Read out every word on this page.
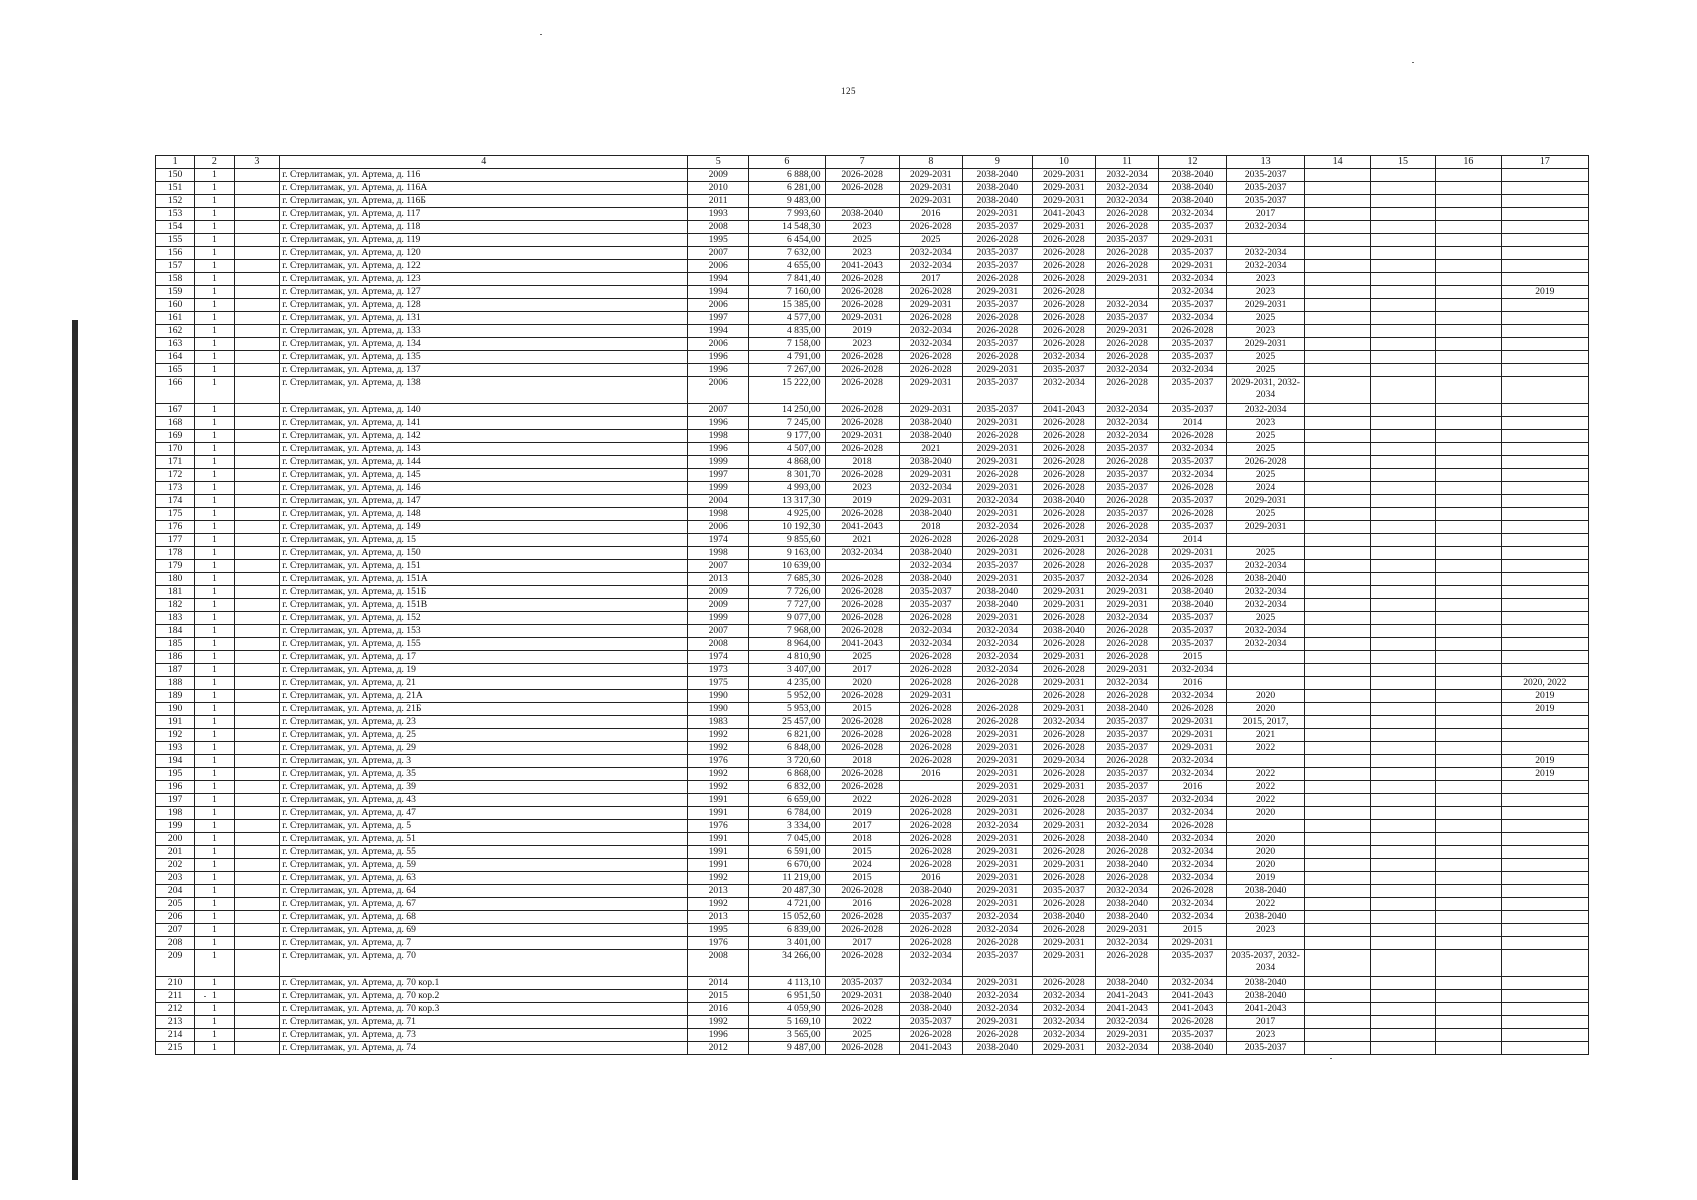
125
1	2	3	4	5	6	7	8	9	10	11	12	13	14	15	16	17
150	1		г. Стерлитамак, ул. Артема, д. 116	2009	6 888,00	2026-2028	2029-2031	2038-2040	2029-2031	2032-2034	2038-2040	2035-2037				
151	1		г. Стерлитамак, ул. Артема, д. 116А	2010	6 281,00	2026-2028	2029-2031	2038-2040	2029-2031	2032-2034	2038-2040	2035-2037				
152	1		г. Стерлитамак, ул. Артема, д. 116Б	2011	9 483,00		2029-2031	2038-2040	2029-2031	2032-2034	2038-2040	2035-2037				
153	1		г. Стерлитамак, ул. Артема, д. 117	1993	7 993,60	2038-2040	2016	2029-2031	2041-2043	2026-2028	2032-2034	2017				
154	1		г. Стерлитамак, ул. Артема, д. 118	2008	14 548,30	2023	2026-2028	2035-2037	2029-2031	2026-2028	2035-2037	2032-2034				
155	1		г. Стерлитамак, ул. Артема, д. 119	1995	6 454,00	2025	2025	2026-2028	2026-2028	2035-2037	2029-2031					
156	1		г. Стерлитамак, ул. Артема, д. 120	2007	7 632,00	2023	2032-2034	2035-2037	2026-2028	2026-2028	2035-2037	2032-2034				
157	1		г. Стерлитамак, ул. Артема, д. 122	2006	4 655,00	2041-2043	2032-2034	2035-2037	2026-2028	2026-2028	2029-2031	2032-2034				
158	1		г. Стерлитамак, ул. Артема, д. 123	1994	7 841,40	2026-2028	2017	2026-2028	2026-2028	2029-2031	2032-2034	2023				
159	1		г. Стерлитамак, ул. Артема, д. 127	1994	7 160,00	2026-2028	2026-2028	2029-2031	2026-2028		2032-2034	2023				2019
160	1		г. Стерлитамак, ул. Артема, д. 128	2006	15 385,00	2026-2028	2029-2031	2035-2037	2026-2028	2032-2034	2035-2037	2029-2031				
161	1		г. Стерлитамак, ул. Артема, д. 131	1997	4 577,00	2029-2031	2026-2028	2026-2028	2026-2028	2035-2037	2032-2034	2025				
162	1		г. Стерлитамак, ул. Артема, д. 133	1994	4 835,00	2019	2032-2034	2026-2028	2026-2028	2029-2031	2026-2028	2023				
163	1		г. Стерлитамак, ул. Артема, д. 134	2006	7 158,00	2023	2032-2034	2035-2037	2026-2028	2026-2028	2035-2037	2029-2031				
164	1		г. Стерлитамак, ул. Артема, д. 135	1996	4 791,00	2026-2028	2026-2028	2026-2028	2032-2034	2026-2028	2035-2037	2025				
165	1		г. Стерлитамак, ул. Артема, д. 137	1996	7 267,00	2026-2028	2026-2028	2029-2031	2035-2037	2032-2034	2032-2034	2025				
166	1		г. Стерлитамак, ул. Артема, д. 138	2006	15 222,00	2026-2028	2029-2031	2035-2037	2032-2034	2026-2028	2035-2037	2029-2031, 2032-2034				
167	1		г. Стерлитамак, ул. Артема, д. 140	2007	14 250,00	2026-2028	2029-2031	2035-2037	2041-2043	2032-2034	2035-2037	2032-2034				
168	1		г. Стерлитамак, ул. Артема, д. 141	1996	7 245,00	2026-2028	2038-2040	2029-2031	2026-2028	2032-2034	2014	2023				
169	1		г. Стерлитамак, ул. Артема, д. 142	1998	9 177,00	2029-2031	2038-2040	2026-2028	2026-2028	2032-2034	2026-2028	2025				
170	1		г. Стерлитамак, ул. Артема, д. 143	1996	4 507,00	2026-2028	2021	2029-2031	2026-2028	2035-2037	2032-2034	2025				
171	1		г. Стерлитамак, ул. Артема, д. 144	1999	4 868,00	2018	2038-2040	2029-2031	2026-2028	2026-2028	2035-2037	2026-2028				
172	1		г. Стерлитамак, ул. Артема, д. 145	1997	8 301,70	2026-2028	2029-2031	2026-2028	2026-2028	2035-2037	2032-2034	2025				
173	1		г. Стерлитамак, ул. Артема, д. 146	1999	4 993,00	2023	2032-2034	2029-2031	2026-2028	2035-2037	2026-2028	2024				
174	1		г. Стерлитамак, ул. Артема, д. 147	2004	13 317,30	2019	2029-2031	2032-2034	2038-2040	2026-2028	2035-2037	2029-2031				
175	1		г. Стерлитамак, ул. Артема, д. 148	1998	4 925,00	2026-2028	2038-2040	2029-2031	2026-2028	2035-2037	2026-2028	2025				
176	1		г. Стерлитамак, ул. Артема, д. 149	2006	10 192,30	2041-2043	2018	2032-2034	2026-2028	2026-2028	2035-2037	2029-2031				
177	1		г. Стерлитамак, ул. Артема, д. 15	1974	9 855,60	2021	2026-2028	2026-2028	2029-2031	2032-2034	2014					
178	1		г. Стерлитамак, ул. Артема, д. 150	1998	9 163,00	2032-2034	2038-2040	2029-2031	2026-2028	2026-2028	2029-2031	2025				
179	1		г. Стерлитамак, ул. Артема, д. 151	2007	10 639,00		2032-2034	2035-2037	2026-2028	2026-2028	2035-2037	2032-2034				
180	1		г. Стерлитамак, ул. Артема, д. 151А	2013	7 685,30	2026-2028	2038-2040	2029-2031	2035-2037	2032-2034	2026-2028	2038-2040				
181	1		г. Стерлитамак, ул. Артема, д. 151Б	2009	7 726,00	2026-2028	2035-2037	2038-2040	2029-2031	2029-2031	2038-2040	2032-2034				
182	1		г. Стерлитамак, ул. Артема, д. 151В	2009	7 727,00	2026-2028	2035-2037	2038-2040	2029-2031	2029-2031	2038-2040	2032-2034				
183	1		г. Стерлитамак, ул. Артема, д. 152	1999	9 077,00	2026-2028	2026-2028	2029-2031	2026-2028	2032-2034	2035-2037	2025				
184	1		г. Стерлитамак, ул. Артема, д. 153	2007	7 968,00	2026-2028	2032-2034	2032-2034	2038-2040	2026-2028	2035-2037	2032-2034				
185	1		г. Стерлитамак, ул. Артема, д. 155	2008	8 964,00	2041-2043	2032-2034	2032-2034	2026-2028	2026-2028	2035-2037	2032-2034				
186	1		г. Стерлитамак, ул. Артема, д. 17	1974	4 810,90	2025	2026-2028	2032-2034	2029-2031	2026-2028	2015					
187	1		г. Стерлитамак, ул. Артема, д. 19	1973	3 407,00	2017	2026-2028	2032-2034	2026-2028	2029-2031	2032-2034					
188	1		г. Стерлитамак, ул. Артема, д. 21	1975	4 235,00	2020	2026-2028	2026-2028	2029-2031	2032-2034	2016					2020, 2022
189	1		г. Стерлитамак, ул. Артема, д. 21А	1990	5 952,00	2026-2028	2029-2031		2026-2028	2026-2028	2032-2034	2020				2019
190	1		г. Стерлитамак, ул. Артема, д. 21Б	1990	5 953,00	2015	2026-2028	2026-2028	2029-2031	2038-2040	2026-2028	2020				2019
191	1		г. Стерлитамак, ул. Артема, д. 23	1983	25 457,00	2026-2028	2026-2028	2026-2028	2032-2034	2035-2037	2029-2031	2015, 2017,				
192	1		г. Стерлитамак, ул. Артема, д. 25	1992	6 821,00	2026-2028	2026-2028	2029-2031	2026-2028	2035-2037	2029-2031	2021				
193	1		г. Стерлитамак, ул. Артема, д. 29	1992	6 848,00	2026-2028	2026-2028	2029-2031	2026-2028	2035-2037	2029-2031	2022				
194	1		г. Стерлитамак, ул. Артема, д. 3	1976	3 720,60	2018	2026-2028	2029-2031	2029-2034	2026-2028	2032-2034					2019
195	1		г. Стерлитамак, ул. Артема, д. 35	1992	6 868,00	2026-2028	2016	2029-2031	2026-2028	2035-2037	2032-2034	2022				2019
196	1		г. Стерлитамак, ул. Артема, д. 39	1992	6 832,00	2026-2028		2029-2031	2029-2031	2035-2037	2016	2022				
197	1		г. Стерлитамак, ул. Артема, д. 43	1991	6 659,00	2022	2026-2028	2029-2031	2026-2028	2035-2037	2032-2034	2022				
198	1		г. Стерлитамак, ул. Артема, д. 47	1991	6 784,00	2019	2026-2028	2029-2031	2026-2028	2035-2037	2032-2034	2020				
199	1		г. Стерлитамак, ул. Артема, д. 5	1976	3 334,00	2017	2026-2028	2032-2034	2029-2031	2032-2034	2026-2028					
200	1		г. Стерлитамак, ул. Артема, д. 51	1991	7 045,00	2018	2026-2028	2029-2031	2026-2028	2038-2040	2032-2034	2020				
201	1		г. Стерлитамак, ул. Артема, д. 55	1991	6 591,00	2015	2026-2028	2029-2031	2026-2028	2026-2028	2032-2034	2020				
202	1		г. Стерлитамак, ул. Артема, д. 59	1991	6 670,00	2024	2026-2028	2029-2031	2029-2031	2038-2040	2032-2034	2020				
203	1		г. Стерлитамак, ул. Артема, д. 63	1992	11 219,00	2015	2016	2029-2031	2026-2028	2026-2028	2032-2034	2019				
204	1		г. Стерлитамак, ул. Артема, д. 64	2013	20 487,30	2026-2028	2038-2040	2029-2031	2035-2037	2032-2034	2026-2028	2038-2040				
205	1		г. Стерлитамак, ул. Артема, д. 67	1992	4 721,00	2016	2026-2028	2029-2031	2026-2028	2038-2040	2032-2034	2022				
206	1		г. Стерлитамак, ул. Артема, д. 68	2013	15 052,60	2026-2028	2035-2037	2032-2034	2038-2040	2038-2040	2032-2034	2038-2040				
207	1		г. Стерлитамак, ул. Артема, д. 69	1995	6 839,00	2026-2028	2026-2028	2032-2034	2026-2028	2029-2031	2015	2023				
208	1		г. Стерлитамак, ул. Артема, д. 7	1976	3 401,00	2017	2026-2028	2026-2028	2029-2031	2032-2034	2029-2031					
209	1		г. Стерлитамак, ул. Артема, д. 70	2008	34 266,00	2026-2028	2032-2034	2035-2037	2029-2031	2026-2028	2035-2037	2035-2037, 2032-2034				
210	1		г. Стерлитамак, ул. Артема, д. 70 кор.1	2014	4 113,10	2035-2037	2032-2034	2029-2031	2026-2028	2038-2040	2032-2034	2038-2040				
211	1		г. Стерлитамак, ул. Артема, д. 70 кор.2	2015	6 951,50	2029-2031	2038-2040	2032-2034	2032-2034	2041-2043	2041-2043	2038-2040				
212	1		г. Стерлитамак, ул. Артема, д. 70 кор.3	2016	4 059,90	2026-2028	2038-2040	2032-2034	2032-2034	2041-2043	2041-2043	2041-2043				
213	1		г. Стерлитамак, ул. Артема, д. 71	1992	5 169,10	2022	2035-2037	2029-2031	2032-2034	2032-2034	2026-2028	2017				
214	1		г. Стерлитамак, ул. Артема, д. 73	1996	3 565,00	2025	2026-2028	2026-2028	2032-2034	2029-2031	2035-2037	2023				
215	1		г. Стерлитамак, ул. Артема, д. 74	2012	9 487,00	2026-2028	2041-2043	2038-2040	2029-2031	2032-2034	2038-2040	2035-2037				
